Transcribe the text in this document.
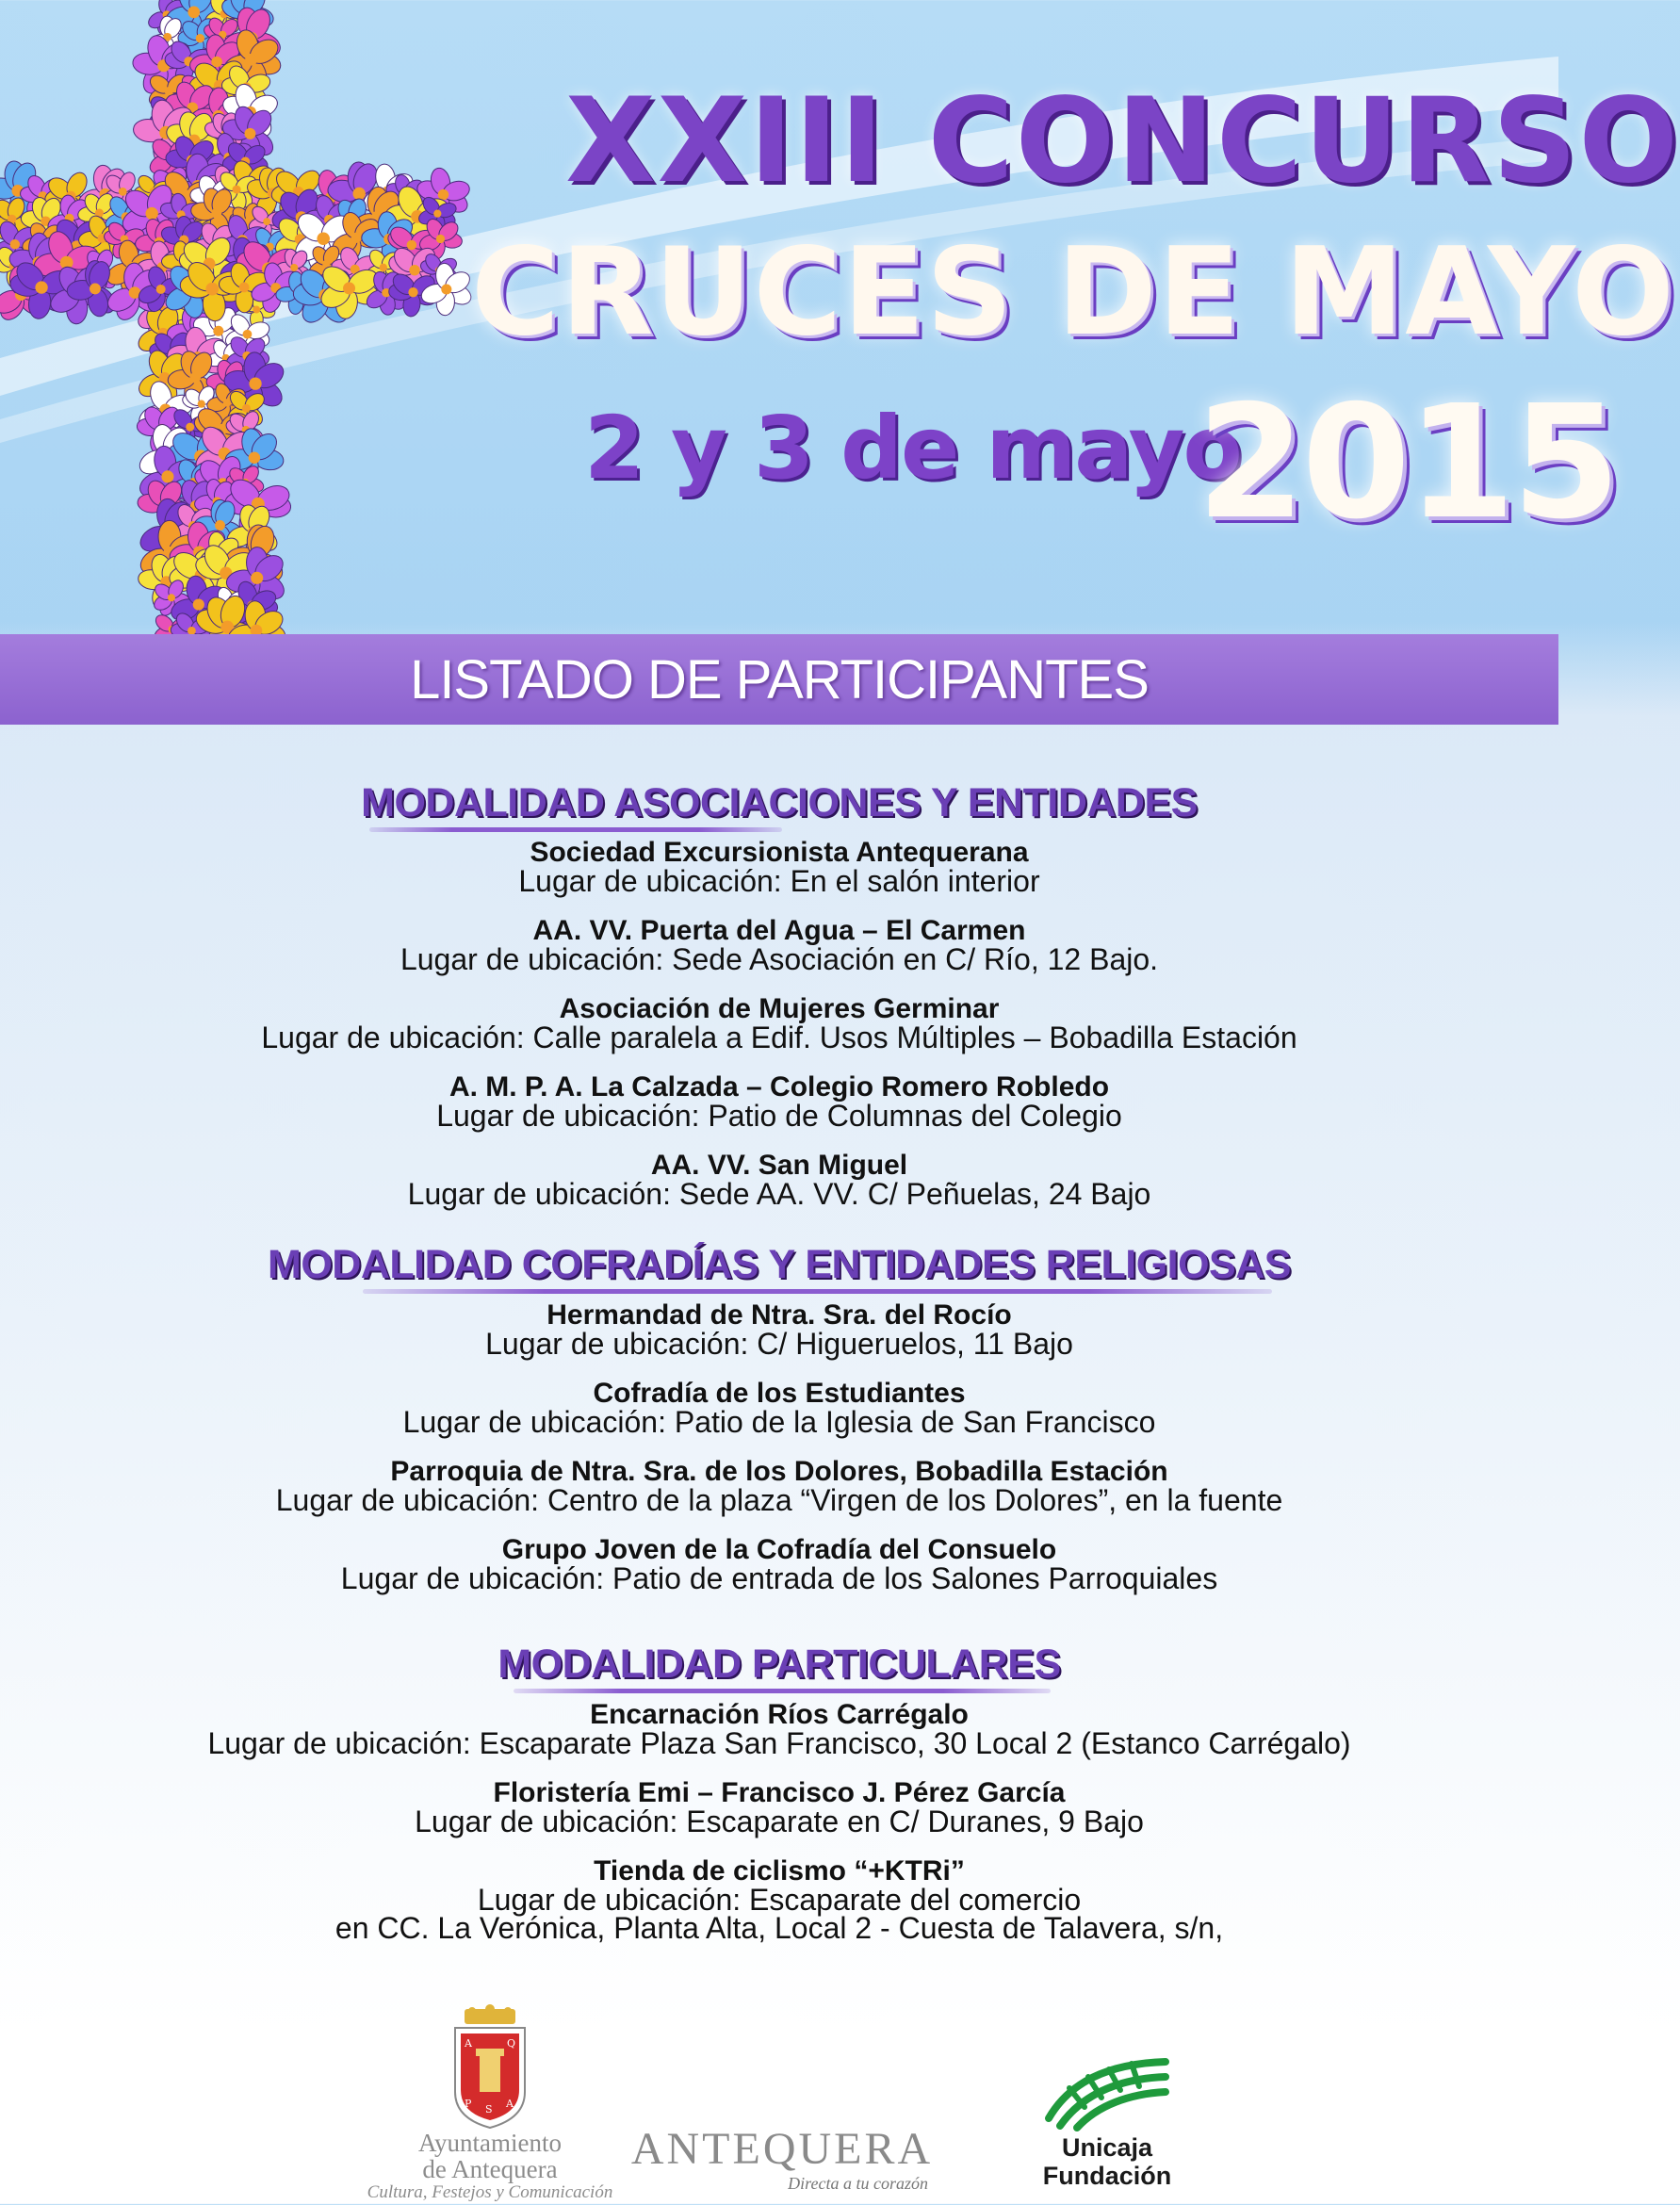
XXIII CONCURSO
CRUCES DE MAYO
2 y 3 de mayo
2015
LISTADO DE PARTICIPANTES
MODALIDAD ASOCIACIONES Y ENTIDADES
Sociedad Excursionista Antequerana
Lugar de ubicación: En el salón interior
AA. VV. Puerta del Agua – El Carmen
Lugar de ubicación: Sede Asociación en C/ Río, 12 Bajo.
Asociación de Mujeres Germinar
Lugar de ubicación: Calle paralela a Edif. Usos Múltiples – Bobadilla Estación
A. M. P. A. La Calzada – Colegio Romero Robledo
Lugar de ubicación: Patio de Columnas del Colegio
AA. VV. San Miguel
Lugar de ubicación: Sede AA. VV. C/ Peñuelas, 24 Bajo
MODALIDAD COFRADÍAS Y ENTIDADES RELIGIOSAS
Hermandad de Ntra. Sra. del Rocío
Lugar de ubicación: C/ Higueruelos, 11 Bajo
Cofradía de los Estudiantes
Lugar de ubicación: Patio de la Iglesia de San Francisco
Parroquia de Ntra. Sra. de los Dolores, Bobadilla Estación
Lugar de ubicación: Centro de la plaza “Virgen de los Dolores”, en la fuente
Grupo Joven de la Cofradía del Consuelo
Lugar de ubicación: Patio de entrada de los Salones Parroquiales
MODALIDAD PARTICULARES
Encarnación Ríos Carrégalo
Lugar de ubicación: Escaparate Plaza San Francisco, 30 Local 2 (Estanco Carrégalo)
Floristería Emi – Francisco J. Pérez García
Lugar de ubicación: Escaparate en C/ Duranes, 9 Bajo
Tienda de ciclismo “+KTRi”
Lugar de ubicación: Escaparate del comercio
en CC. La Verónica, Planta Alta, Local 2 - Cuesta de Talavera, s/n,
A	Q
P S A
Ayuntamiento
de Antequera
Cultura, Festejos y Comunicación
ANTEQUERA
Directa a tu corazón
Unicaja
Fundación
